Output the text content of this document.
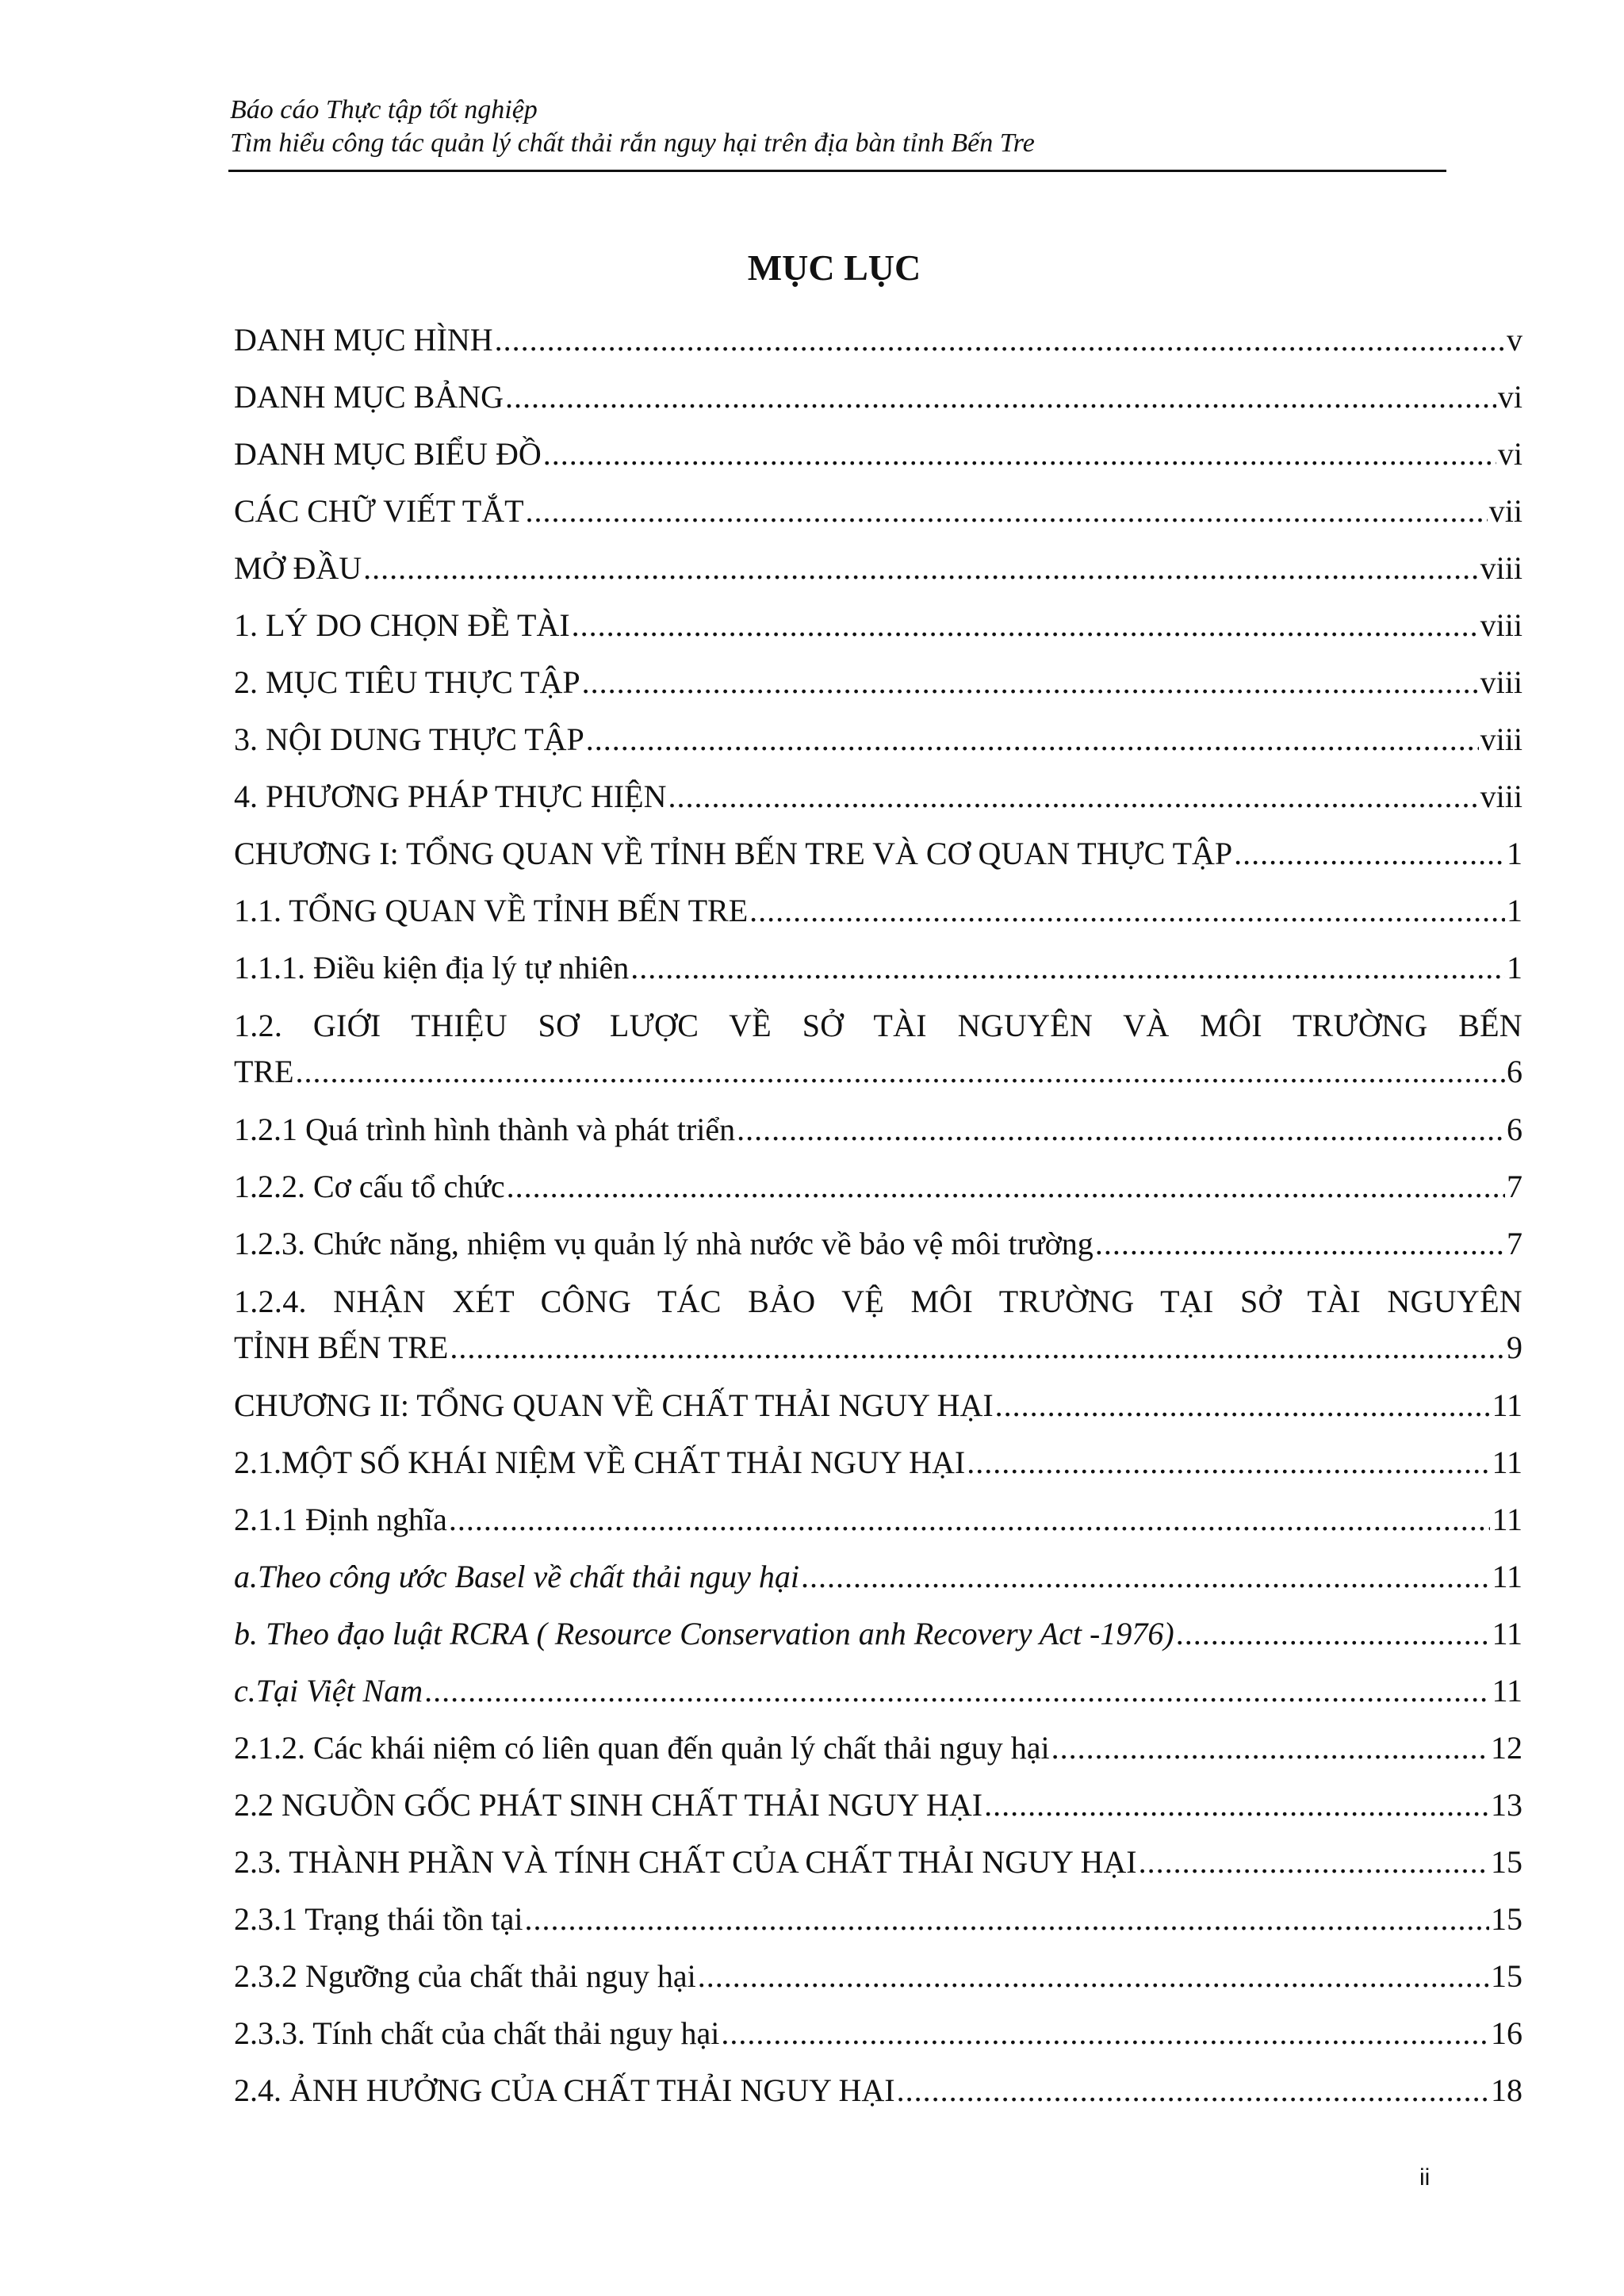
Báo cáo Thực tập tốt nghiệp
Tìm hiểu công tác quản lý chất thải rắn nguy hại trên địa bàn tỉnh Bến Tre
MỤC LỤC
DANH MỤC HÌNH .....	v
DANH MỤC BẢNG .....	vi
DANH MỤC BIỂU ĐỒ .....	vi
CÁC CHỮ VIẾT TẮT .....	vii
MỞ ĐẦU .....	viii
1. LÝ DO CHỌN ĐỀ TÀI .....	viii
2. MỤC TIÊU THỰC TẬP .....	viii
3. NỘI DUNG THỰC TẬP .....	viii
4. PHƯƠNG PHÁP THỰC HIỆN .....	viii
CHƯƠNG I: TỔNG QUAN VỀ TỈNH BẾN TRE VÀ CƠ QUAN THỰC TẬP .....	1
1.1. TỔNG QUAN VỀ TỈNH BẾN TRE .....	1
1.1.1. Điều kiện địa lý tự nhiên .....	1
1.2. GIỚI THIỆU SƠ LƯỢC VỀ SỞ TÀI NGUYÊN VÀ MÔI TRƯỜNG BẾN
TRE .....	6
1.2.1 Quá trình hình thành và phát triển .....	6
1.2.2. Cơ cấu tổ chức .....	7
1.2.3. Chức năng, nhiệm vụ quản lý nhà nước về bảo vệ môi trường .....	7
1.2.4. NHẬN XÉT CÔNG TÁC BẢO VỆ MÔI TRƯỜNG TẠI SỞ TÀI NGUYÊN
TỈNH BẾN TRE .....	9
CHƯƠNG II: TỔNG QUAN VỀ CHẤT THẢI NGUY HẠI .....	11
2.1.MỘT SỐ KHÁI NIỆM VỀ CHẤT THẢI NGUY HẠI .....	11
2.1.1 Định nghĩa .....	11
a.Theo công ước Basel về chất thải nguy hại .....	11
b. Theo đạo luật RCRA ( Resource Conservation anh Recovery Act -1976) .....	11
c.Tại Việt Nam .....	11
2.1.2. Các khái niệm có liên quan đến quản lý chất thải nguy hại .....	12
2.2 NGUỒN GỐC PHÁT SINH CHẤT THẢI NGUY HẠI .....	13
2.3. THÀNH PHẦN VÀ TÍNH CHẤT CỦA CHẤT THẢI NGUY HẠI .....	15
2.3.1 Trạng thái tồn tại .....	15
2.3.2 Ngưỡng của chất thải nguy hại .....	15
2.3.3. Tính chất của chất thải nguy hại .....	16
2.4. ẢNH HƯỞNG CỦA CHẤT THẢI NGUY HẠI .....	18
ii
